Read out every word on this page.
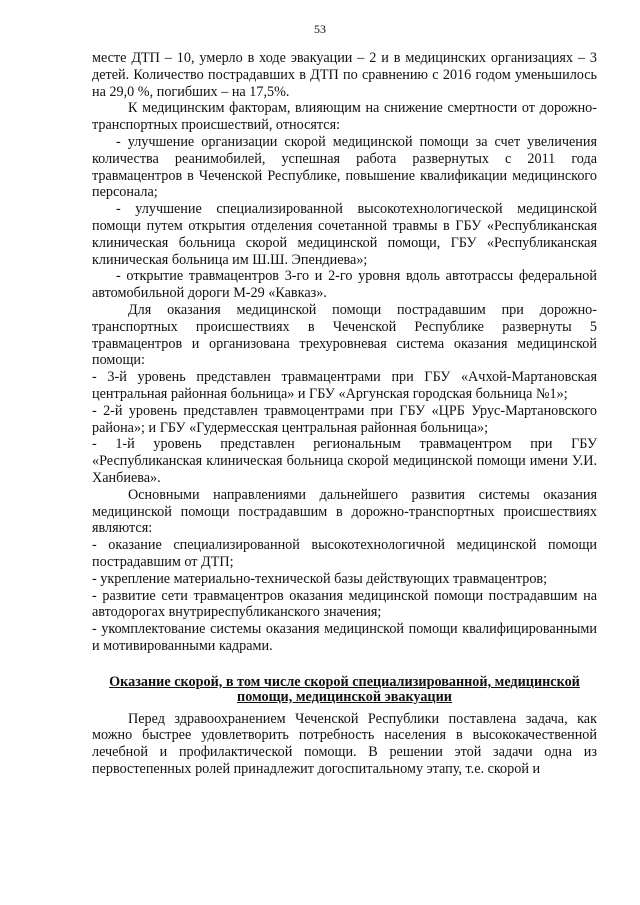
53

месте ДТП – 10, умерло в ходе эвакуации – 2 и в медицинских организациях – 3 детей. Количество пострадавших в ДТП по сравнению с 2016 годом уменьшилось на 29,0 %, погибших – на 17,5%.

К медицинским факторам, влияющим на снижение смертности от дорожно-транспортных происшествий, относятся:

- улучшение организации скорой медицинской помощи за счет увеличения количества реанимобилей, успешная работа развернутых с 2011 года травмацентров в Чеченской Республике, повышение квалификации медицинского персонала;

- улучшение специализированной высокотехнологической медицинской помощи путем открытия отделения сочетанной травмы в ГБУ «Республиканская клиническая больница скорой медицинской помощи, ГБУ «Республиканская клиническая больница им Ш.Ш. Эпендиева»;

- открытие травмацентров 3-го и 2-го уровня вдоль автотрассы федеральной автомобильной дороги М-29 «Кавказ».

Для оказания медицинской помощи пострадавшим при дорожно-транспортных происшествиях в Чеченской Республике развернуты 5 травмацентров и организована трехуровневая система оказания медицинской помощи:

- 3-й уровень представлен травмацентрами при ГБУ «Ачхой-Мартановская центральная районная больница» и ГБУ «Аргунская городская больница №1»;

- 2-й уровень представлен травмоцентрами при ГБУ «ЦРБ Урус-Мартановского района»; и ГБУ «Гудермесская центральная районная больница»;

- 1-й уровень представлен региональным травмацентром при ГБУ «Республиканская клиническая больница скорой медицинской помощи имени У.И. Ханбиева».

Основными направлениями дальнейшего развития системы оказания медицинской помощи пострадавшим в дорожно-транспортных происшествиях являются:

- оказание специализированной высокотехнологичной медицинской помощи пострадавшим от ДТП;

- укрепление материально-технической базы действующих травмацентров;

- развитие сети травмацентров оказания медицинской помощи пострадавшим на автодорогах внутриреспубликанского значения;

- укомплектование системы оказания медицинской помощи квалифицированными и мотивированными кадрами.

Оказание скорой, в том числе скорой специализированной, медицинской помощи, медицинской эвакуации

Перед здравоохранением Чеченской Республики поставлена задача, как можно быстрее удовлетворить потребность населения в высококачественной лечебной и профилактической помощи. В решении этой задачи одна из первостепенных ролей принадлежит догоспитальному этапу, т.е. скорой и
